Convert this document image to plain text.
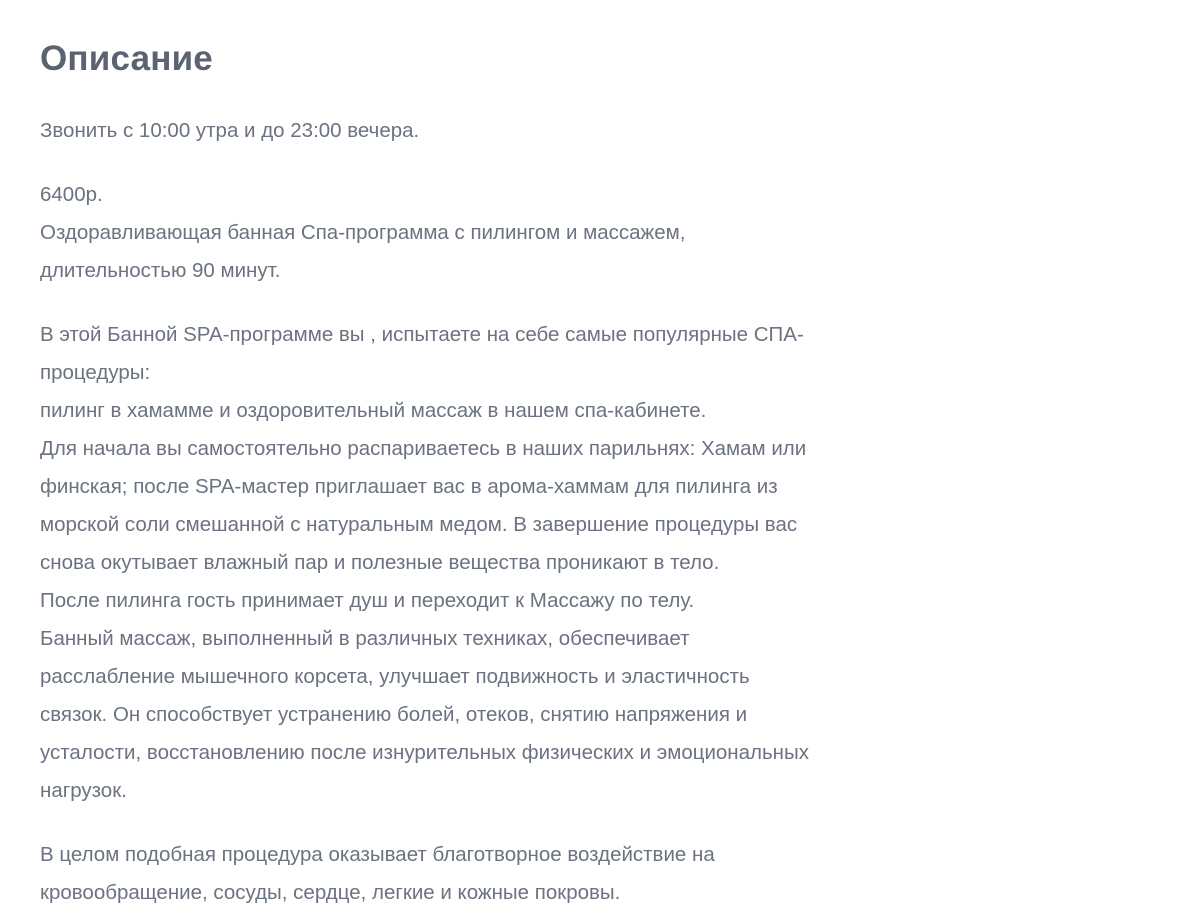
Описание

Звонить с 10:00 утра и до 23:00 вечера.

6400р.
Оздоравливающая банная Спа-программа с пилингом и массажем,
длительностью 90 минут.

В этой Банной SPA-программе вы , испытаете на себе самые популярные СПА-
процедуры:
пилинг в хамамме и оздоровительный массаж в нашем спа-кабинете.
Для начала вы самостоятельно распариваетесь в наших парильнях: Хамам или
финская; после SPA-мастер приглашает вас в арома-хаммам для пилинга из
морской соли смешанной с натуральным медом. В завершение процедуры вас
снова окутывает влажный пар и полезные вещества проникают в тело.
После пилинга гость принимает душ и переходит к Массажу по телу.
Банный массаж, выполненный в различных техниках, обеспечивает
расслабление мышечного корсета, улучшает подвижность и эластичность
связок. Он способствует устранению болей, отеков, снятию напряжения и
усталости, восстановлению после изнурительных физических и эмоциональных
нагрузок.

В целом подобная процедура оказывает благотворное воздействие на
кровообращение, сосуды, сердце, легкие и кожные покровы.
